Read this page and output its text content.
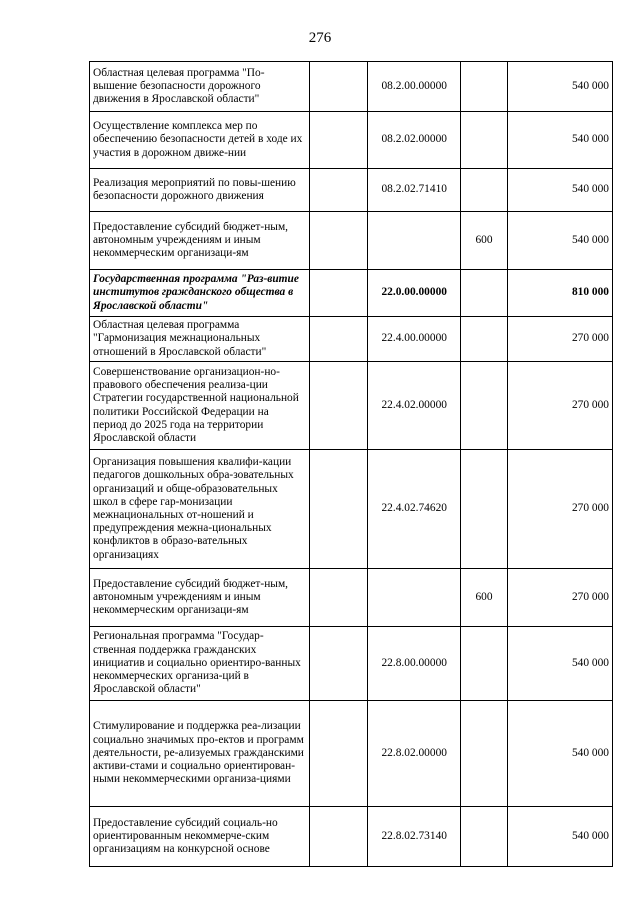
276
Областная целевая программа "По-вышение безопасности дорожного движения в Ярославской области"		08.2.00.00000		540 000
Осуществление комплекса мер по обеспечению безопасности детей в ходе их участия в дорожном движе-нии		08.2.02.00000		540 000
Реализация мероприятий по повы-шению безопасности дорожного движения		08.2.02.71410		540 000
Предоставление субсидий бюджет-ным, автономным учреждениям и иным некоммерческим организаци-ям			600	540 000
Государственная программа "Раз-витие институтов гражданского общества в Ярославской области"		22.0.00.00000		810 000
Областная целевая программа "Гармонизация межнациональных отношений в Ярославской области"		22.4.00.00000		270 000
Совершенствование организацион-но-правового обеспечения реализа-ции Стратегии государственной национальной политики Российской Федерации на период до 2025 года на территории Ярославской области		22.4.02.00000		270 000
Организация повышения квалифи-кации педагогов дошкольных обра-зовательных организаций и обще-образовательных школ в сфере гар-монизации межнациональных от-ношений и предупреждения межна-циональных конфликтов в образо-вательных организациях		22.4.02.74620		270 000
Предоставление субсидий бюджет-ным, автономным учреждениям и иным некоммерческим организаци-ям			600	270 000
Региональная программа "Государ-ственная поддержка гражданских инициатив и социально ориентиро-ванных некоммерческих организа-ций в Ярославской области"		22.8.00.00000		540 000
Стимулирование и поддержка реа-лизации социально значимых про-ектов и программ деятельности, ре-ализуемых гражданскими активи-стами и социально ориентирован-ными некоммерческими организа-циями		22.8.02.00000		540 000
Предоставление субсидий социаль-но ориентированным некоммерче-ским организациям на конкурсной основе		22.8.02.73140		540 000
